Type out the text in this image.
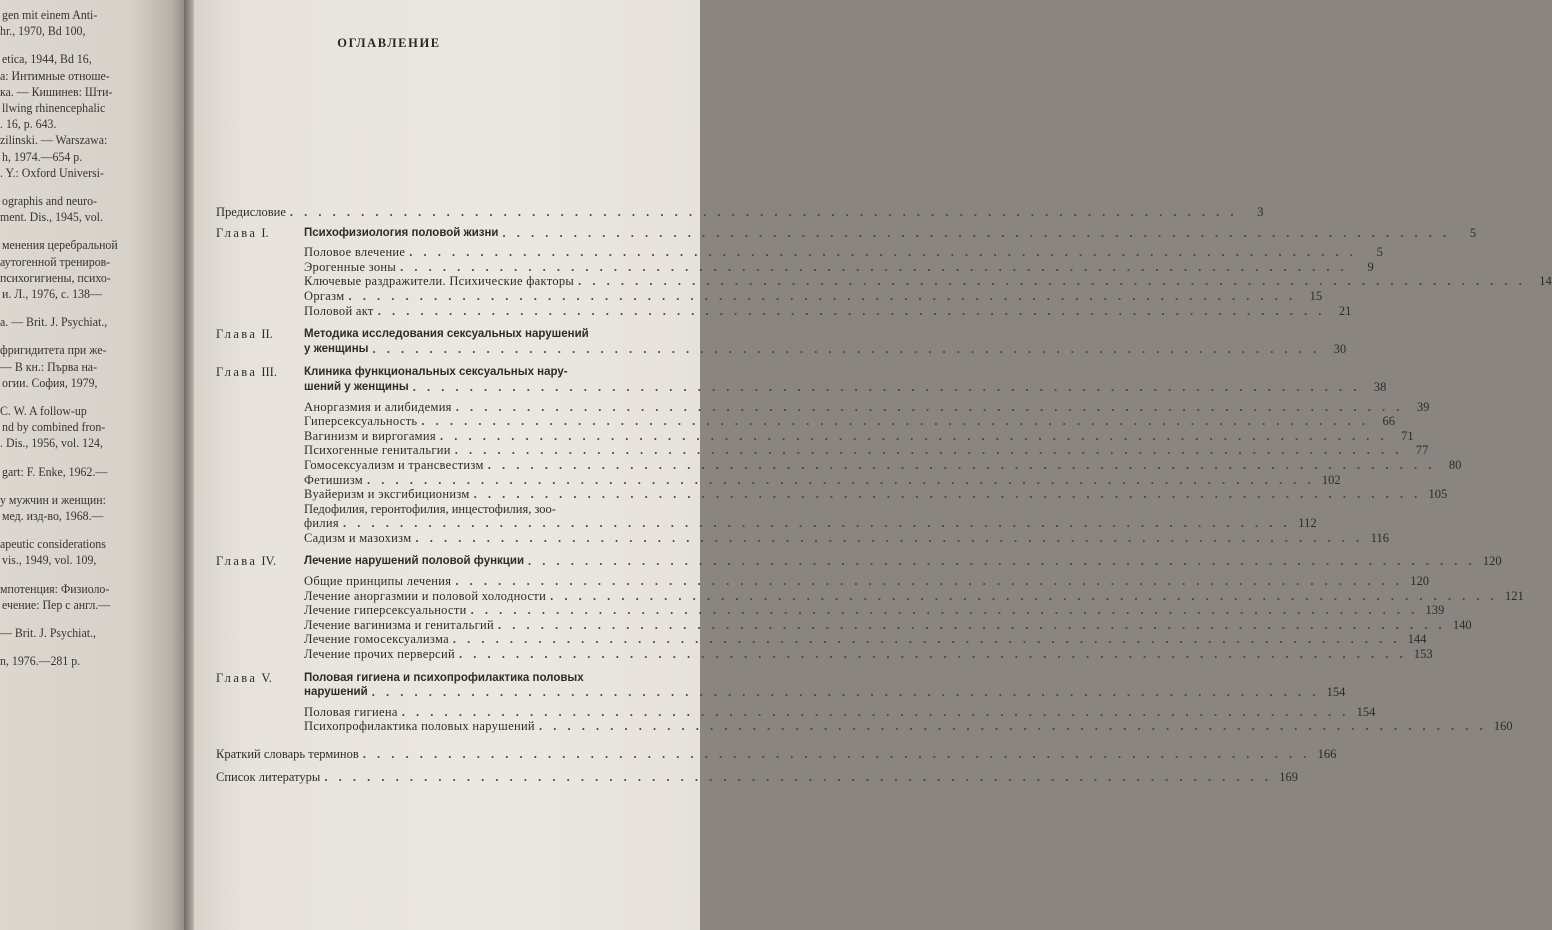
gen mit einem Anti-
hr., 1970, Bd 100,
etica, 1944, Bd 16,
а: Интимные отноше-
ка. — Кишинев: Шти-
llwing rhinencephalic
. 16, p. 643.
zilinski. — Warszawa:
h, 1974.—654 p.
. Y.: Oxford Universi-
ographis and neuro-
ment. Dis., 1945, vol.
менения церебральной
аутогенной трениров-
психогигиены, психо-
и. Л., 1976, с. 138—
a. — Brit. J. Psychiat.,
фригидитета при же-
— В кн.: Първа на-
огии. София, 1979,
C. W. A follow-up
nd by combined fron-
. Dis., 1956, vol. 124,
gart: F. Enke, 1962.—
у мужчин и женщин:
мед. изд-во, 1968.—
apeutic considerations
vis., 1949, vol. 109,
мпотенция: Физиоло-
ечение: Пер с англ.—
— Brit. J. Psychiat.,
n, 1976.—281 p.
ОГЛАВЛЕНИЕ
Предисловие . . .	3
Глава I.	Психофизиология половой жизни . . .	5
Половое влечение . . .	5
Эрогенные зоны . . .	9
Ключевые раздражители. Психические факторы . . .	14
Оргазм . . .	15
Половой акт . . .	21
Глава II.	Методика исследования сексуальных нарушений
у женщины . . .	30
Глава III.	Клиника функциональных сексуальных нару-
шений у женщины . . .	38
Аноргазмия и алибидемия . . .	39
Гиперсексуальность . . .	66
Вагинизм и виргогамия . . .	71
Психогенные генитальгии . . .	77
Гомосексуализм и трансвестизм . . .	80
Фетишизм . . .	102
Вуайеризм и эксгибиционизм . . .	105
Педофилия, геронтофилия, инцестофилия, зоо-
филия . . .	112
Садизм и мазохизм . . .	116
Глава IV.	Лечение нарушений половой функции . . .	120
Общие принципы лечения . . .	120
Лечение аноргазмии и половой холодности . . .	121
Лечение гиперсексуальности . . .	139
Лечение вагинизма и генитальгий . . .	140
Лечение гомосексуализма . . .	144
Лечение прочих перверсий . . .	153
Глава V.	Половая гигиена и психопрофилактика половых
нарушений . . .	154
Половая гигиена . . .	154
Психопрофилактика половых нарушений . . .	160
Краткий словарь терминов . . .	166
Список литературы . . .	169
